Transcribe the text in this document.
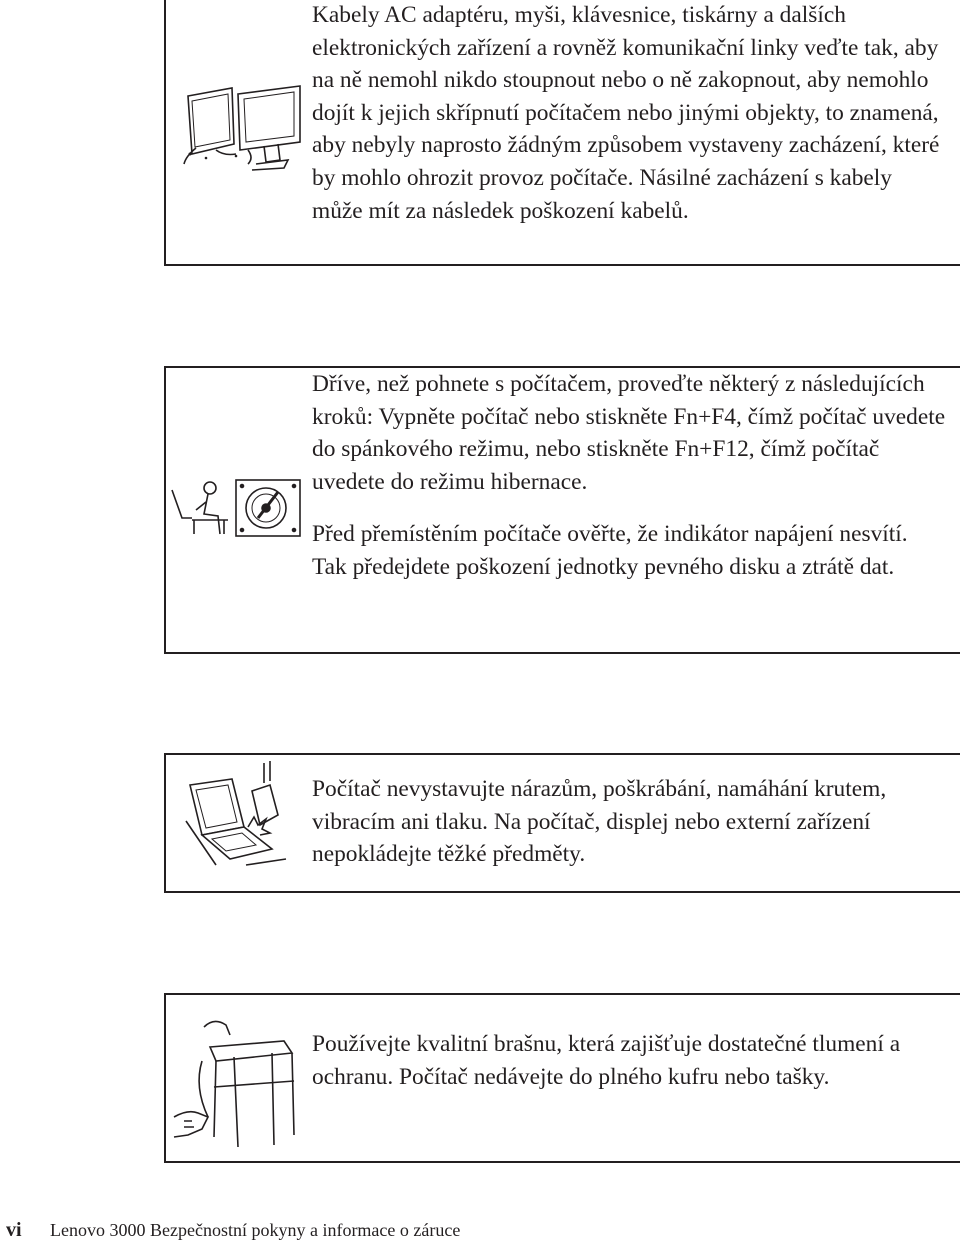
Kabely AC adaptéru, myši, klávesnice, tiskárny a dalších elektronických zařízení a rovněž komunikační linky veďte tak, aby na ně nemohl nikdo stoupnout nebo o ně zakopnout, aby nemohlo dojít k jejich skřípnutí počítačem nebo jinými objekty, to znamená, aby nebyly naprosto žádným způsobem vystaveny zacházení, které by mohlo ohrozit provoz počítače. Násilné zacházení s kabely může mít za následek poškození kabelů.

Dříve, než pohnete s počítačem, proveďte některý z následujících kroků: Vypněte počítač nebo stiskněte Fn+F4, čímž počítač uvedete do spánkového režimu, nebo stiskněte Fn+F12, čímž počítač uvedete do režimu hibernace.

Před přemístěním počítače ověřte, že indikátor napájení nesvítí. Tak předejdete poškození jednotky pevného disku a ztrátě dat.

Počítač nevystavujte nárazům, poškrábání, namáhání krutem, vibracím ani tlaku. Na počítač, displej nebo externí zařízení nepokládejte těžké předměty.

Používejte kvalitní brašnu, která zajišťuje dostatečné tlumení a ochranu. Počítač nedávejte do plného kufru nebo tašky.

vi Lenovo 3000 Bezpečnostní pokyny a informace o záruce
